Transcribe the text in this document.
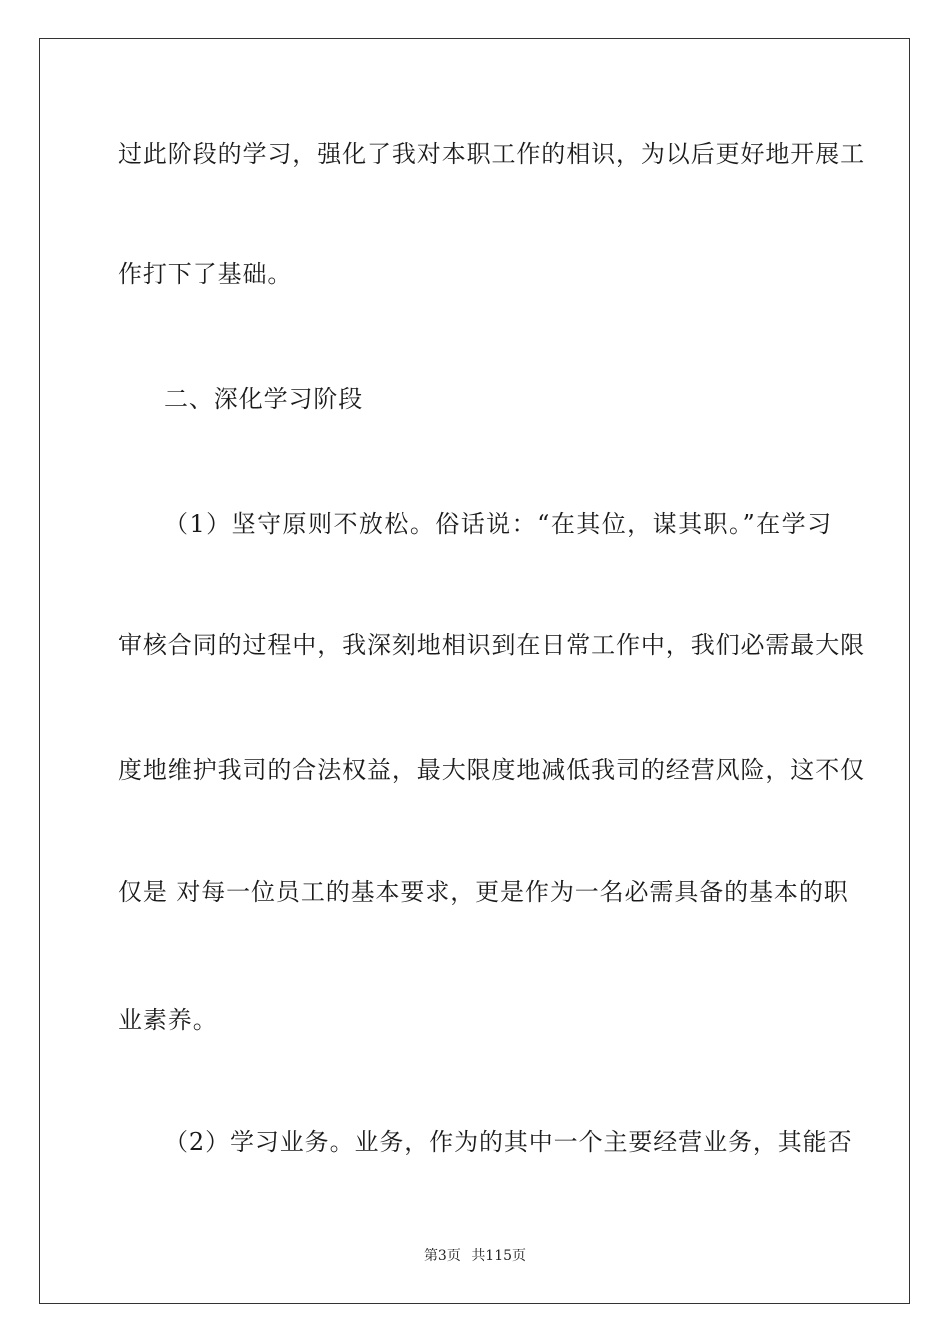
过此阶段的学习，强化了我对本职工作的相识，为以后更好地开展工
作打下了基础。
二、深化学习阶段
（1）坚守原则不放松。俗话说：“在其位，谋其职。”在学习
审核合同的过程中，我深刻地相识到在日常工作中，我们必需最大限
度地维护我司的合法权益，最大限度地减低我司的经营风险，这不仅
仅是 对每一位员工的基本要求，更是作为一名必需具备的基本的职
业素养。
（2）学习业务。业务，作为的其中一个主要经营业务，其能否
第3页 共115页
